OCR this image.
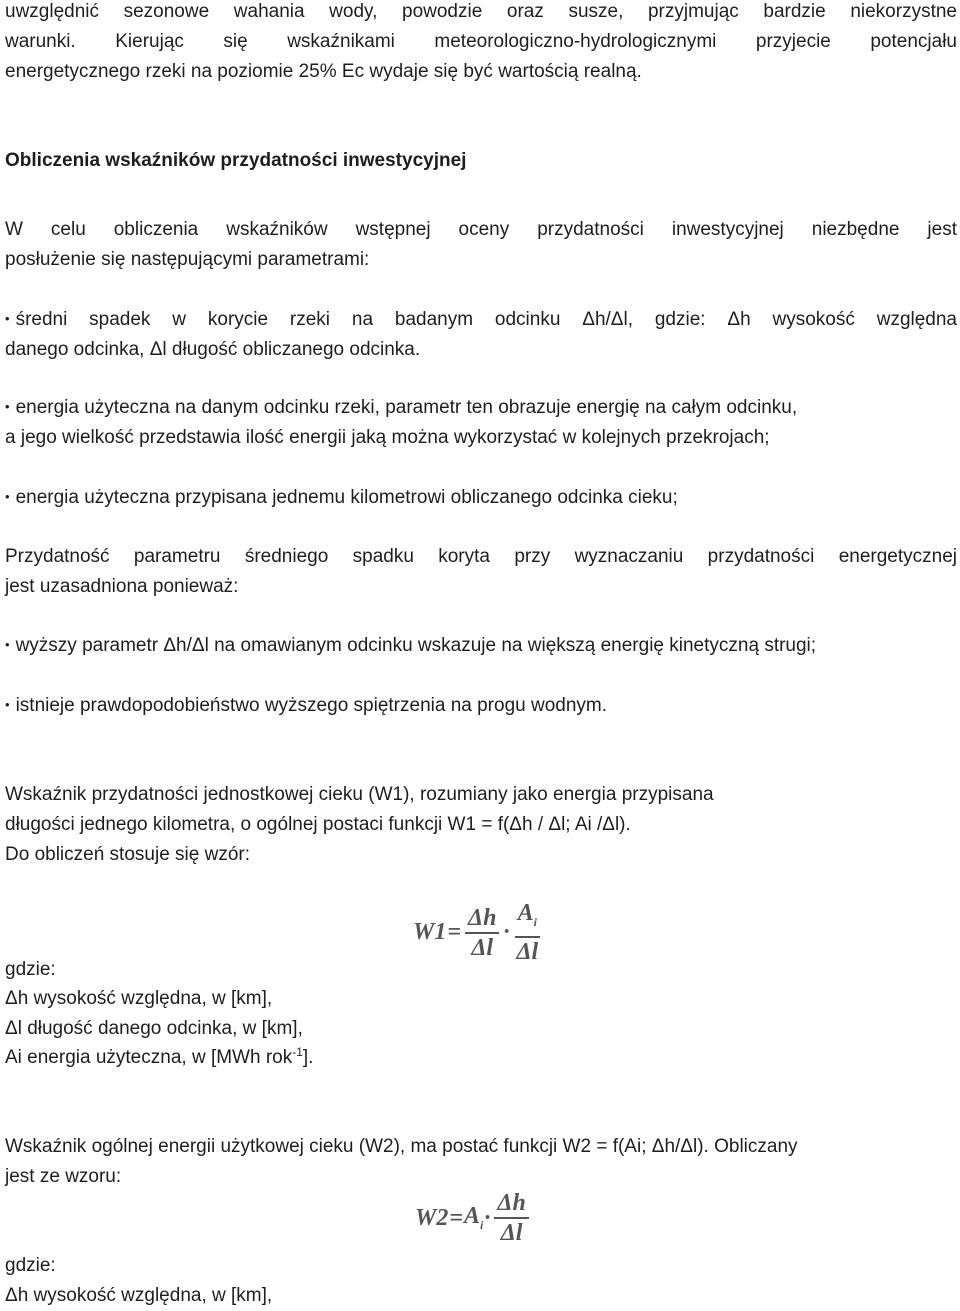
uwzględnić sezonowe wahania wody, powodzie oraz susze, przyjmując bardzie niekorzystne
warunki. Kierując się wskaźnikami meteorologiczno-hydrologicznymi przyjecie potencjału
energetycznego rzeki na poziomie 25% Ec wydaje się być wartością realną.
Obliczenia wskaźników przydatności inwestycyjnej
W celu obliczenia wskaźników wstępnej oceny przydatności inwestycyjnej niezbędne jest
posłużenie się następującymi parametrami:
• średni spadek w korycie rzeki na badanym odcinku Δh/Δl, gdzie: Δh wysokość względna
danego odcinka, Δl długość obliczanego odcinka.
• energia użyteczna na danym odcinku rzeki, parametr ten obrazuje energię na całym odcinku,
a jego wielkość przedstawia ilość energii jaką można wykorzystać w kolejnych przekrojach;
• energia użyteczna przypisana jednemu kilometrowi obliczanego odcinka cieku;
Przydatność parametru średniego spadku koryta przy wyznaczaniu przydatności energetycznej
jest uzasadniona ponieważ:
• wyższy parametr Δh/Δl na omawianym odcinku wskazuje na większą energię kinetyczną strugi;
• istnieje prawdopodobieństwo wyższego spiętrzenia na progu wodnym.
Wskaźnik przydatności jednostkowej cieku (W1), rozumiany jako energia przypisana
długości jednego kilometra, o ogólnej postaci funkcji W1 = f(Δh / Δl; Ai /Δl).
Do obliczeń stosuje się wzór:
$W1 = \frac{\Delta h}{\Delta l} \cdot \frac{A_i}{\Delta l}$
gdzie:
Δh wysokość względna, w [km],
Δl długość danego odcinka, w [km],
Ai energia użyteczna, w [MWh rok$^{-1}$].
Wskaźnik ogólnej energii użytkowej cieku (W2), ma postać funkcji W2 = f(Ai; Δh/Δl). Obliczany
jest ze wzoru:
$W2 = A_i \cdot \frac{\Delta h}{\Delta l}$
gdzie:
Δh wysokość względna, w [km],
